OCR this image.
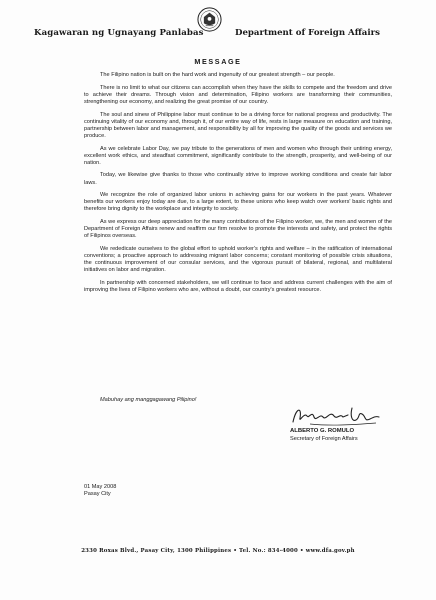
Kagawaran ng Ugnayang Panlabas	Department of Foreign Affairs
MESSAGE

The Filipino nation is built on the hard work and ingenuity of our greatest strength – our people.

There is no limit to what our citizens can accomplish when they have the skills to compete and the freedom and drive to achieve their dreams. Through vision and determination, Filipino workers are transforming their communities, strengthening our economy, and realizing the great promise of our country.

The soul and sinew of Philippine labor must continue to be a driving force for national progress and productivity. The continuing vitality of our economy and, through it, of our entire way of life, rests in large measure on education and training, partnership between labor and management, and responsibility by all for improving the quality of the goods and services we produce.

As we celebrate Labor Day, we pay tribute to the generations of men and women who through their untiring energy, excellent work ethics, and steadfast commitment, significantly contribute to the strength, prosperity, and well-being of our nation.

Today, we likewise give thanks to those who continually strive to improve working conditions and create fair labor laws.

We recognize the role of organized labor unions in achieving gains for our workers in the past years. Whatever benefits our workers enjoy today are due, to a large extent, to these unions who keep watch over workers' basic rights and therefore bring dignity to the workplace and integrity to society.

As we express our deep appreciation for the many contributions of the Filipino worker, we, the men and women of the Department of Foreign Affairs renew and reaffirm our firm resolve to promote the interests and safety, and protect the rights of Filipinos overseas.

We rededicate ourselves to the global effort to uphold worker's rights and welfare – in the ratification of international conventions; a proactive approach to addressing migrant labor concerns; constant monitoring of possible crisis situations, the continuous improvement of our consular services, and the vigorous pursuit of bilateral, regional, and multilateral initiatives on labor and migration.

In partnership with concerned stakeholders, we will continue to face and address current challenges with the aim of improving the lives of Filipino workers who are, without a doubt, our country's greatest resource.

Mabuhay ang manggagawang Pilipino!
ALBERTO G. ROMULO
Secretary of Foreign Affairs
01 May 2008
Pasay City
2330 Roxas Blvd., Pasay City, 1300 Philippines • Tel. No.: 834-4000 • www.dfa.gov.ph
